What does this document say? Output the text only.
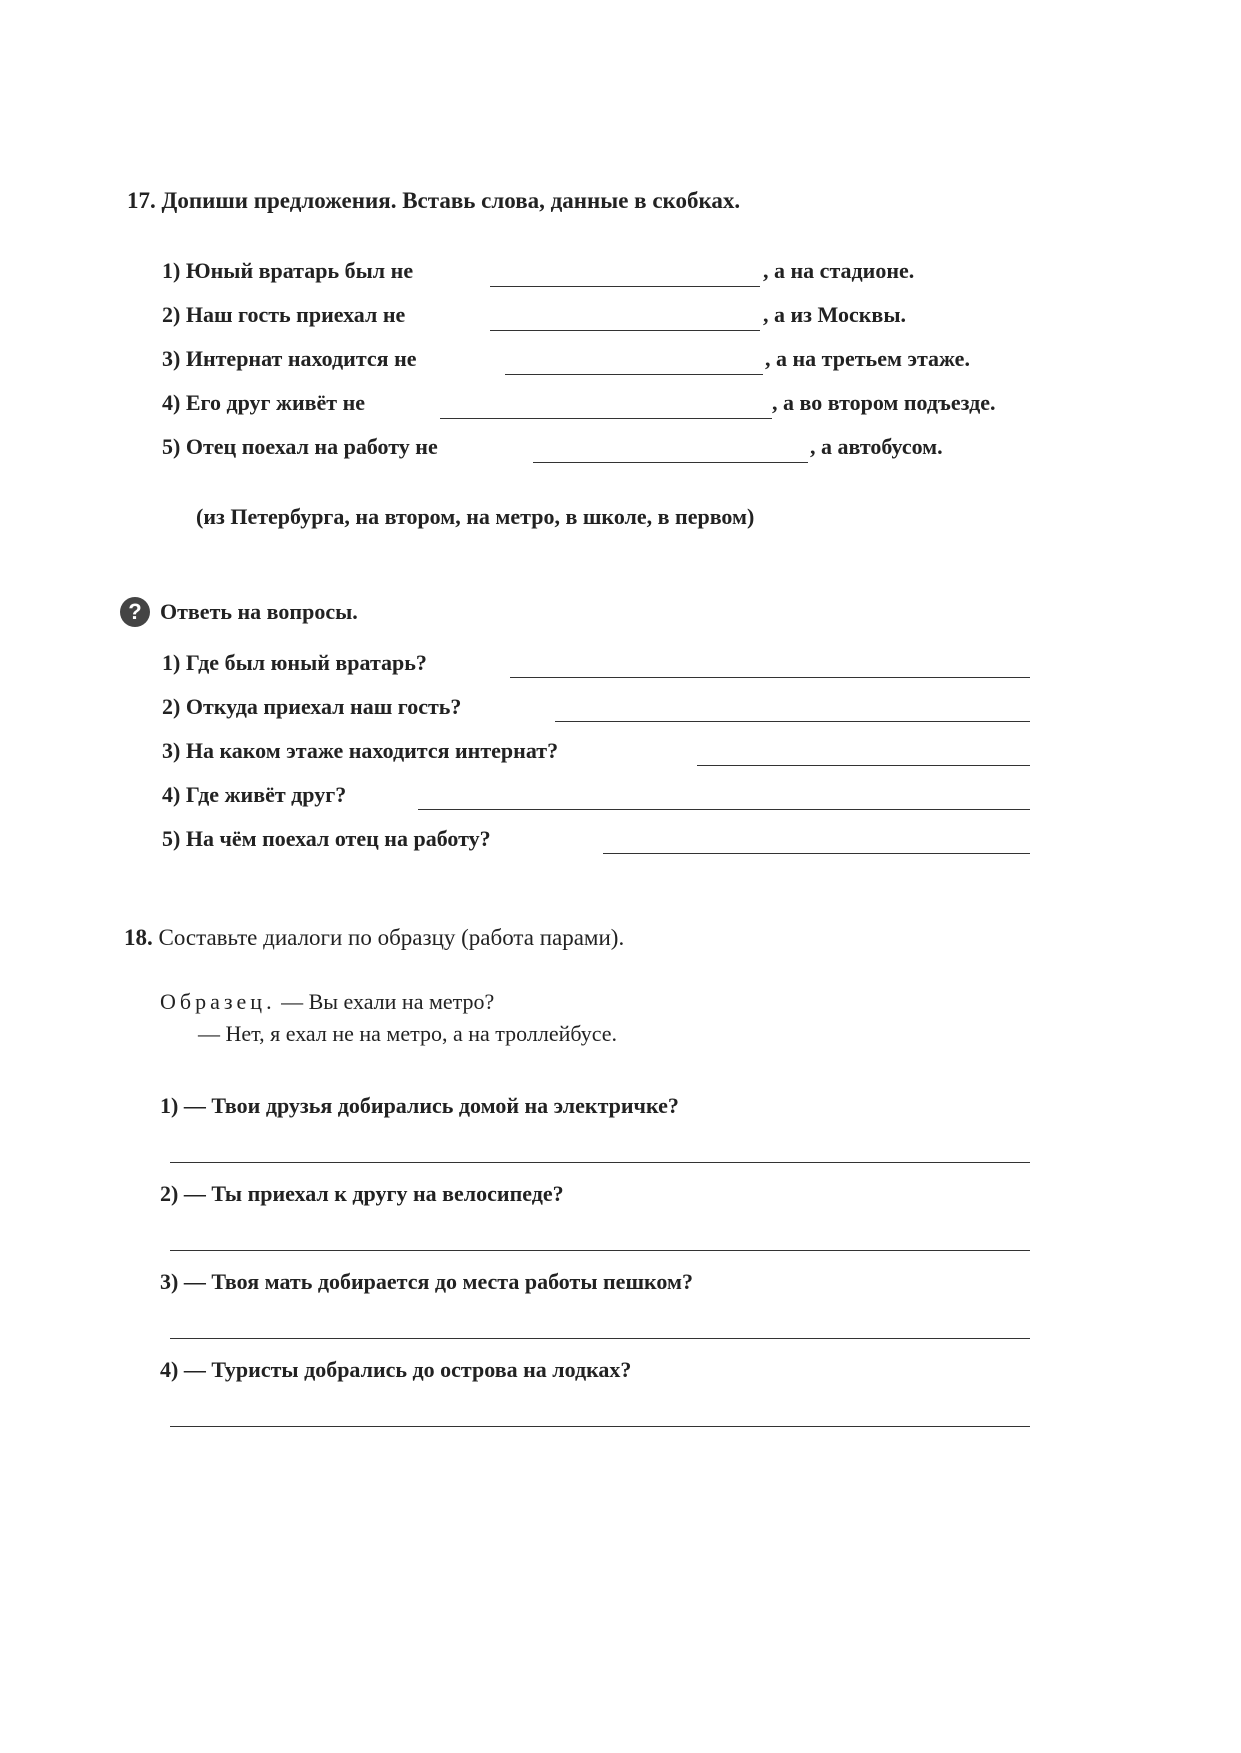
17. Допиши предложения. Вставь слова, данные в скобках.
1) Юный вратарь был не	, а на стадионе.
2) Наш гость приехал не	, а из Москвы.
3) Интернат находится не	, а на третьем этаже.
4) Его друг живёт не	, а во втором подъезде.
5) Отец поехал на работу не	, а автобусом.
(из Петербурга, на втором, на метро, в школе, в первом)
? Ответь на вопросы.
1) Где был юный вратарь?
2) Откуда приехал наш гость?
3) На каком этаже находится интернат?
4) Где живёт друг?
5) На чём поехал отец на работу?
18. Составьте диалоги по образцу (работа парами).
Образец. — Вы ехали на метро?
— Нет, я ехал не на метро, а на троллейбусе.
1) — Твои друзья добирались домой на электричке?
2) — Ты приехал к другу на велосипеде?
3) — Твоя мать добирается до места работы пешком?
4) — Туристы добрались до острова на лодках?
